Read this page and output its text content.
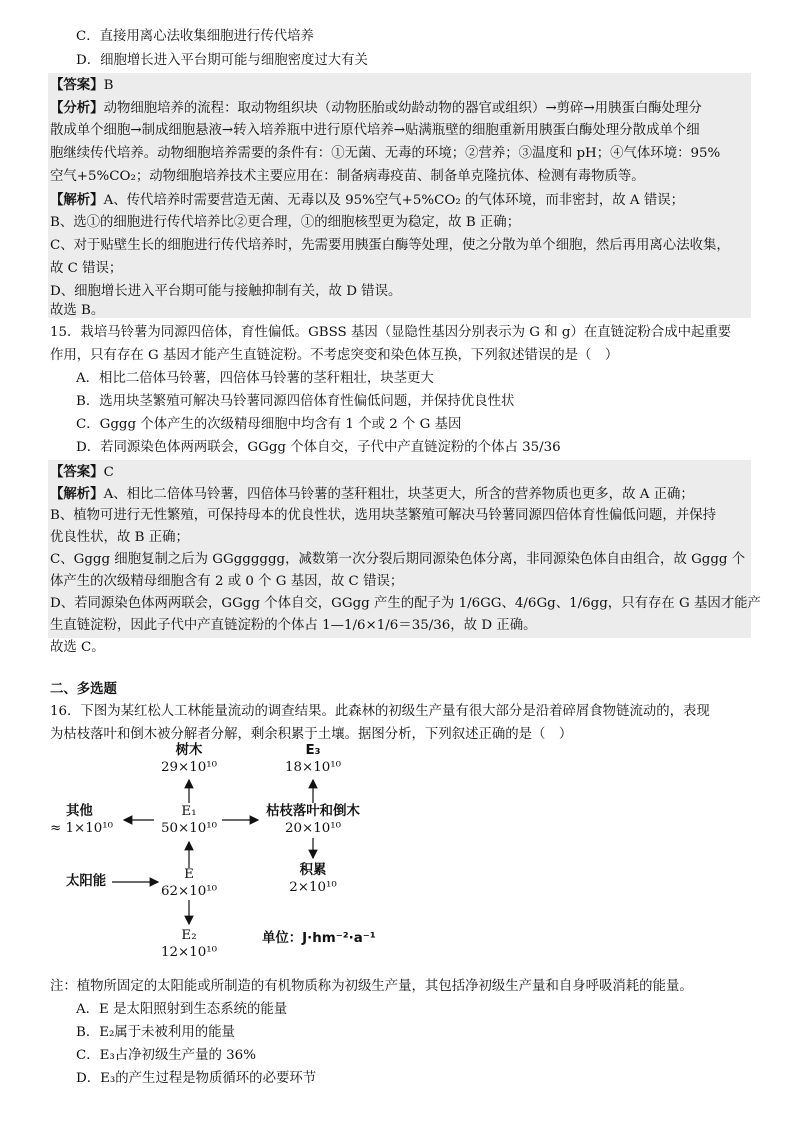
C．直接用离心法收集细胞进行传代培养
D．细胞增长进入平台期可能与细胞密度过大有关
【答案】B
【分析】动物细胞培养的流程：取动物组织块（动物胚胎或幼龄动物的器官或组织）→剪碎→用胰蛋白酶处理分
散成单个细胞→制成细胞悬液→转入培养瓶中进行原代培养→贴满瓶壁的细胞重新用胰蛋白酶处理分散成单个细
胞继续传代培养。动物细胞培养需要的条件有：①无菌、无毒的环境；②营养；③温度和 pH；④气体环境：95%
空气+5%CO₂；动物细胞培养技术主要应用在：制备病毒疫苗、制备单克隆抗体、检测有毒物质等。
【解析】A、传代培养时需要营造无菌、无毒以及 95%空气+5%CO₂ 的气体环境，而非密封，故 A 错误；
B、选①的细胞进行传代培养比②更合理，①的细胞核型更为稳定，故 B 正确；
C、对于贴壁生长的细胞进行传代培养时，先需要用胰蛋白酶等处理，使之分散为单个细胞，然后再用离心法收集，
故 C 错误；
D、细胞增长进入平台期可能与接触抑制有关，故 D 错误。
故选 B。
15．栽培马铃薯为同源四倍体，育性偏低。GBSS 基因（显隐性基因分别表示为 G 和 g）在直链淀粉合成中起重要
作用，只有存在 G 基因才能产生直链淀粉。不考虑突变和染色体互换，下列叙述错误的是（　）
A．相比二倍体马铃薯，四倍体马铃薯的茎秆粗壮，块茎更大
B．选用块茎繁殖可解决马铃薯同源四倍体育性偏低问题，并保持优良性状
C．Gggg 个体产生的次级精母细胞中均含有 1 个或 2 个 G 基因
D．若同源染色体两两联会，GGgg 个体自交，子代中产直链淀粉的个体占 35/36
【答案】C
【解析】A、相比二倍体马铃薯，四倍体马铃薯的茎秆粗壮，块茎更大，所含的营养物质也更多，故 A 正确；
B、植物可进行无性繁殖，可保持母本的优良性状，选用块茎繁殖可解决马铃薯同源四倍体育性偏低问题，并保持
优良性状，故 B 正确；
C、Gggg 细胞复制之后为 GGgggggg，减数第一次分裂后期同源染色体分离，非同源染色体自由组合，故 Gggg 个
体产生的次级精母细胞含有 2 或 0 个 G 基因，故 C 错误；
D、若同源染色体两两联会，GGgg 个体自交，GGgg 产生的配子为 1/6GG、4/6Gg、1/6gg，只有存在 G 基因才能产
生直链淀粉，因此子代中产直链淀粉的个体占 1—1/6×1/6＝35/36，故 D 正确。
故选 C。
二、多选题
16．下图为某红松人工林能量流动的调查结果。此森林的初级生产量有很大部分是沿着碎屑食物链流动的，表现
为枯枝落叶和倒木被分解者分解，剩余积累于土壤。据图分析，下列叙述正确的是（　）
树木
29×10¹⁰
E₃
18×10¹⁰
其他
≈ 1×10¹⁰
E₁
50×10¹⁰
枯枝落叶和倒木
20×10¹⁰
太阳能	E
62×10¹⁰
积累
2×10¹⁰
E₂
12×10¹⁰
单位：J·hm⁻²·a⁻¹
注：植物所固定的太阳能或所制造的有机物质称为初级生产量，其包括净初级生产量和自身呼吸消耗的能量。
A．E 是太阳照射到生态系统的能量
B．E₂属于未被利用的能量
C．E₃占净初级生产量的 36%
D．E₃的产生过程是物质循环的必要环节
